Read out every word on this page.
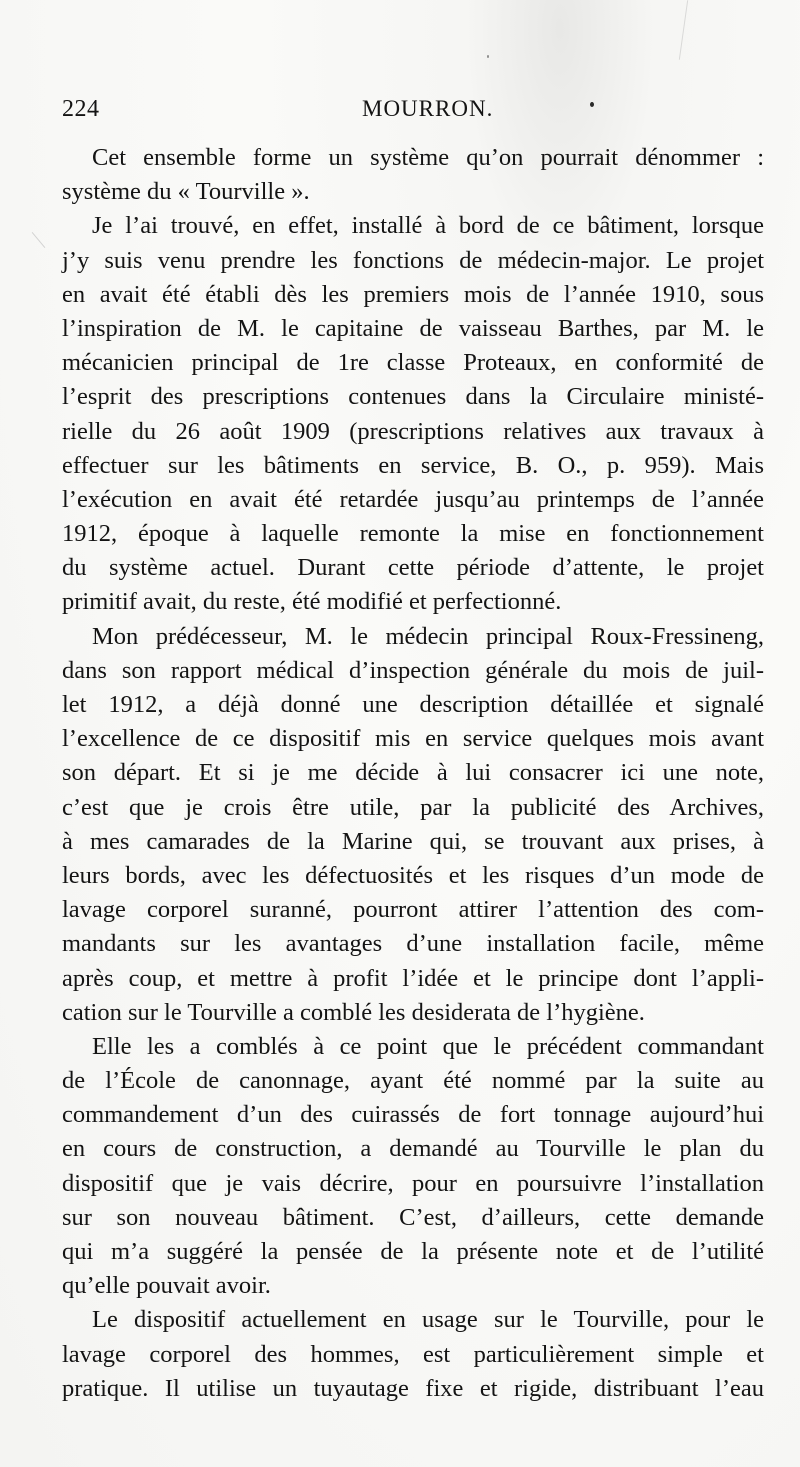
224	MOURRON.
Cet ensemble forme un système qu’on pourrait dénommer :
système du « Tourville ».
Je l’ai trouvé, en effet, installé à bord de ce bâtiment, lorsque
j’y suis venu prendre les fonctions de médecin-major. Le projet
en avait été établi dès les premiers mois de l’année 1910, sous
l’inspiration de M. le capitaine de vaisseau Barthes, par M. le
mécanicien principal de 1re classe Proteaux, en conformité de
l’esprit des prescriptions contenues dans la Circulaire ministé-
rielle du 26 août 1909 (prescriptions relatives aux travaux à
effectuer sur les bâtiments en service, B. O., p. 959). Mais
l’exécution en avait été retardée jusqu’au printemps de l’année
1912, époque à laquelle remonte la mise en fonctionnement
du système actuel. Durant cette période d’attente, le projet
primitif avait, du reste, été modifié et perfectionné.
Mon prédécesseur, M. le médecin principal Roux-Fressineng,
dans son rapport médical d’inspection générale du mois de juil-
let 1912, a déjà donné une description détaillée et signalé
l’excellence de ce dispositif mis en service quelques mois avant
son départ. Et si je me décide à lui consacrer ici une note,
c’est que je crois être utile, par la publicité des Archives,
à mes camarades de la Marine qui, se trouvant aux prises, à
leurs bords, avec les défectuosités et les risques d’un mode de
lavage corporel suranné, pourront attirer l’attention des com-
mandants sur les avantages d’une installation facile, même
après coup, et mettre à profit l’idée et le principe dont l’appli-
cation sur le Tourville a comblé les desiderata de l’hygiène.
Elle les a comblés à ce point que le précédent commandant
de l’École de canonnage, ayant été nommé par la suite au
commandement d’un des cuirassés de fort tonnage aujourd’hui
en cours de construction, a demandé au Tourville le plan du
dispositif que je vais décrire, pour en poursuivre l’installation
sur son nouveau bâtiment. C’est, d’ailleurs, cette demande
qui m’a suggéré la pensée de la présente note et de l’utilité
qu’elle pouvait avoir.
Le dispositif actuellement en usage sur le Tourville, pour le
lavage corporel des hommes, est particulièrement simple et
pratique. Il utilise un tuyautage fixe et rigide, distribuant l’eau
